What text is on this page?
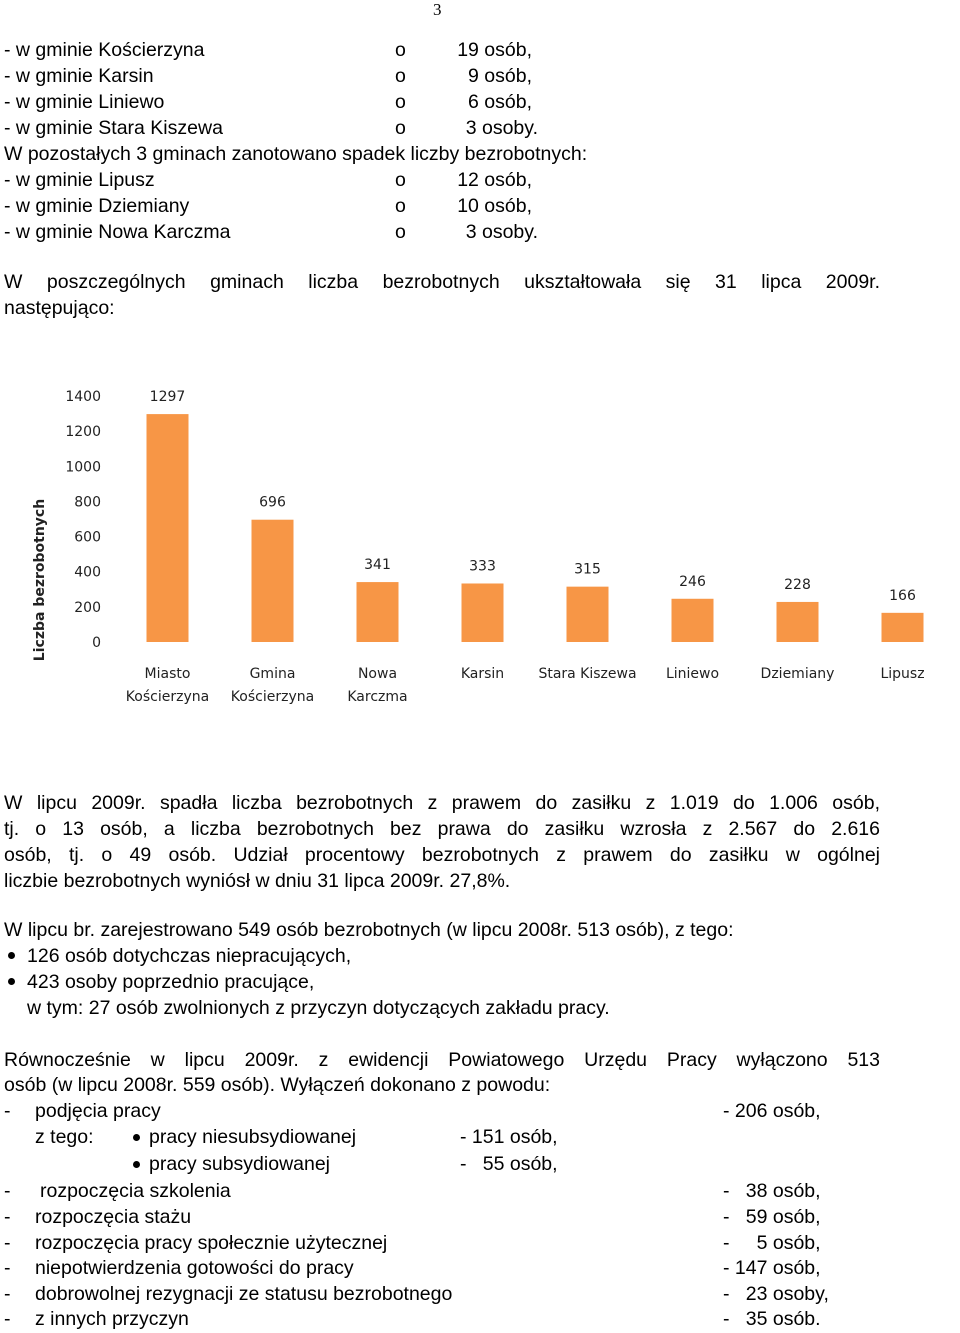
3
- w gminie Kościerzyna	o	19 osób,
- w gminie Karsin	o	9 osób,
- w gminie Liniewo	o	6 osób,
- w gminie Stara Kiszewa	o	3 osoby.
W pozostałych 3 gminach zanotowano spadek liczby bezrobotnych:
- w gminie Lipusz	o	12 osób,
- w gminie Dziemiany	o	10 osób,
- w gminie Nowa Karczma	o	3 osoby.
W poszczególnych gminach liczba bezrobotnych ukształtowała się 31 lipca 2009r.
następująco:
Liczba bezrobotnych	0
200
400
600
800
1000
1200
1400	1297
696
341	333	315
246	228
166
Miasto
Kościerzyna
Gmina
Kościerzyna
Nowa
Karczma
Karsin Stara Kiszewa Liniewo	Dziemiany	Lipusz
W lipcu 2009r. spadła liczba bezrobotnych z prawem do zasiłku z 1.019 do 1.006 osób,
tj. o 13 osób, a liczba bezrobotnych bez prawa do zasiłku wzrosła z 2.567 do 2.616
osób, tj. o 49 osób. Udział procentowy bezrobotnych z prawem do zasiłku w ogólnej
liczbie bezrobotnych wyniósł w dniu 31 lipca 2009r. 27,8%.
W lipcu br. zarejestrowano 549 osób bezrobotnych (w lipcu 2008r. 513 osób), z tego:
126 osób dotychczas niepracujących,
423 osoby poprzednio pracujące,
w tym: 27 osób zwolnionych z przyczyn dotyczących zakładu pracy.
Równocześnie w lipcu 2009r. z ewidencji Powiatowego Urzędu Pracy wyłączono 513
osób (w lipcu 2008r. 559 osób). Wyłączeń dokonano z powodu:
- podjęcia pracy	- 206 osób,
z tego:	pracy niesubsydiowanej	- 151 osób,
pracy subsydiowanej	-   55 osób,
- rozpoczęcia szkolenia	-   38 osób,
- rozpoczęcia stażu	-   59 osób,
- rozpoczęcia pracy społecznie użytecznej	-     5 osób,
- niepotwierdzenia gotowości do pracy	- 147 osób,
- dobrowolnej rezygnacji ze statusu bezrobotnego	-   23 osoby,
- z innych przyczyn	-   35 osób.
